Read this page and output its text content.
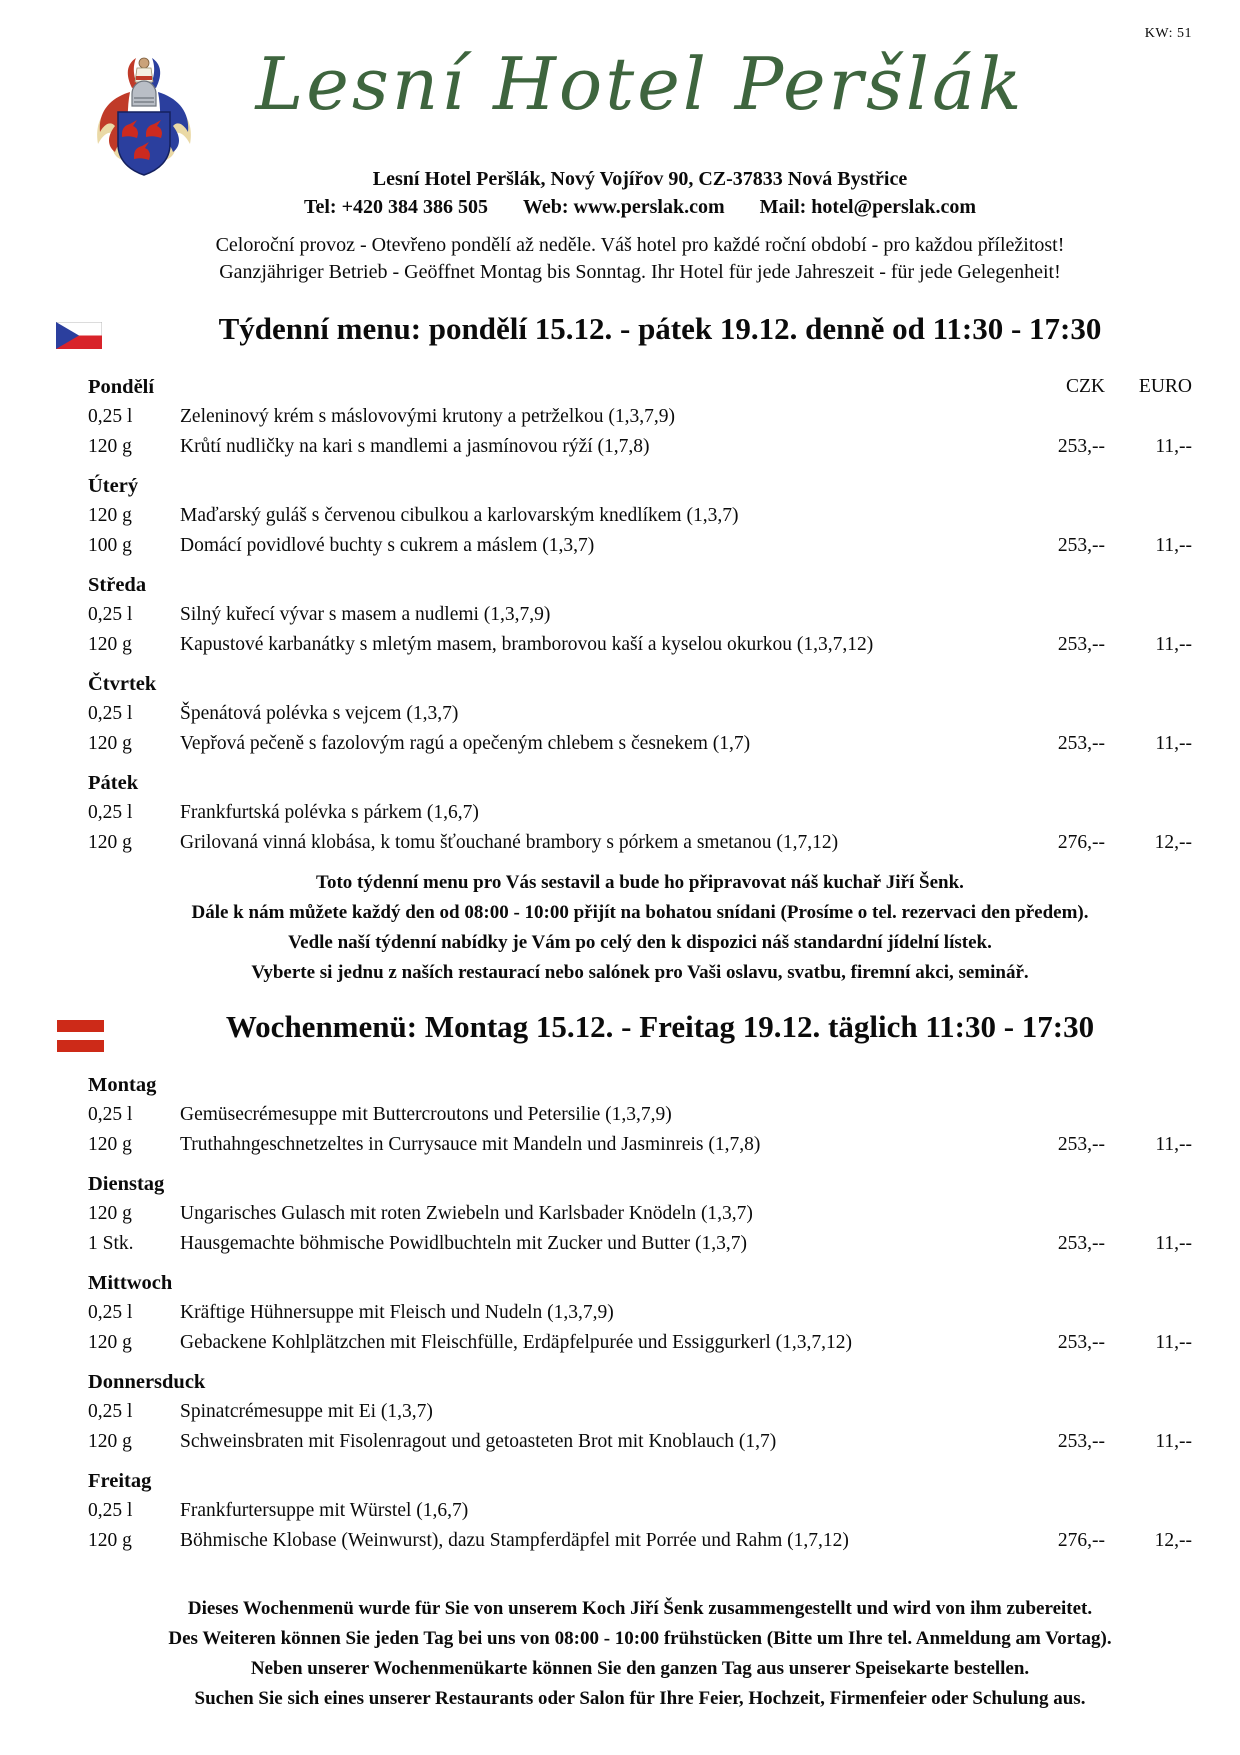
KW: 51
Lesní Hotel Peršlák
Lesní Hotel Peršlák, Nový Vojířov 90, CZ-37833 Nová Bystřice
Tel: +420 384 386 505 Web: www.perslak.com Mail: hotel@perslak.com
Celoroční provoz - Otevřeno pondělí až neděle. Váš hotel pro každé roční období - pro každou příležitost!
Ganzjähriger Betrieb - Geöffnet Montag bis Sonntag. Ihr Hotel für jede Jahreszeit - für jede Gelegenheit!
Týdenní menu: pondělí 15.12. - pátek 19.12. denně od 11:30 - 17:30
Pondělí	CZK	EURO
0,25 l	Zeleninový krém s máslovovými krutony a petrželkou (1,3,7,9)
120 g	Krůtí nudličky na kari s mandlemi a jasmínovou rýží (1,7,8)	253,--	11,--
Úterý
120 g	Maďarský guláš s červenou cibulkou a karlovarským knedlíkem (1,3,7)
100 g	Domácí povidlové buchty s cukrem a máslem (1,3,7)	253,--	11,--
Středa
0,25 l	Silný kuřecí vývar s masem a nudlemi (1,3,7,9)
120 g	Kapustové karbanátky s mletým masem, bramborovou kaší a kyselou okurkou (1,3,7,12)	253,--	11,--
Čtvrtek
0,25 l	Špenátová polévka s vejcem (1,3,7)
120 g	Vepřová pečeně s fazolovým ragú a opečeným chlebem s česnekem (1,7)	253,--	11,--
Pátek
0,25 l	Frankfurtská polévka s párkem (1,6,7)
120 g	Grilovaná vinná klobása, k tomu šťouchané brambory s pórkem a smetanou (1,7,12)	276,--	12,--
Toto týdenní menu pro Vás sestavil a bude ho připravovat náš kuchař Jiří Šenk.
Dále k nám můžete každý den od 08:00 - 10:00 přijít na bohatou snídani (Prosíme o tel. rezervaci den předem).
Vedle naší týdenní nabídky je Vám po celý den k dispozici náš standardní jídelní lístek.
Vyberte si jednu z naších restaurací nebo salónek pro Vaši oslavu, svatbu, firemní akci, seminář.
Wochenmenü: Montag 15.12. - Freitag 19.12. täglich 11:30 - 17:30
Montag
0,25 l	Gemüsecrémesuppe mit Buttercroutons und Petersilie (1,3,7,9)
120 g	Truthahngeschnetzeltes in Currysauce mit Mandeln und Jasminreis (1,7,8)	253,--	11,--
Dienstag
120 g	Ungarisches Gulasch mit roten Zwiebeln und Karlsbader Knödeln (1,3,7)
1 Stk.	Hausgemachte böhmische Powidlbuchteln mit Zucker und Butter (1,3,7)	253,--	11,--
Mittwoch
0,25 l	Kräftige Hühnersuppe mit Fleisch und Nudeln (1,3,7,9)
120 g	Gebackene Kohlplätzchen mit Fleischfülle, Erdäpfelpurée und Essiggurkerl (1,3,7,12)	253,--	11,--
Donnersduck
0,25 l	Spinatcrémesuppe mit Ei (1,3,7)
120 g	Schweinsbraten mit Fisolenragout und getoasteten Brot mit Knoblauch (1,7)	253,--	11,--
Freitag
0,25 l	Frankfurtersuppe mit Würstel (1,6,7)
120 g	Böhmische Klobase (Weinwurst), dazu Stampferdäpfel mit Porrée und Rahm (1,7,12)	276,--	12,--
Dieses Wochenmenü wurde für Sie von unserem Koch Jiří Šenk zusammengestellt und wird von ihm zubereitet.
Des Weiteren können Sie jeden Tag bei uns von 08:00 - 10:00 frühstücken (Bitte um Ihre tel. Anmeldung am Vortag).
Neben unserer Wochenmenükarte können Sie den ganzen Tag aus unserer Speisekarte bestellen.
Suchen Sie sich eines unserer Restaurants oder Salon für Ihre Feier, Hochzeit, Firmenfeier oder Schulung aus.
